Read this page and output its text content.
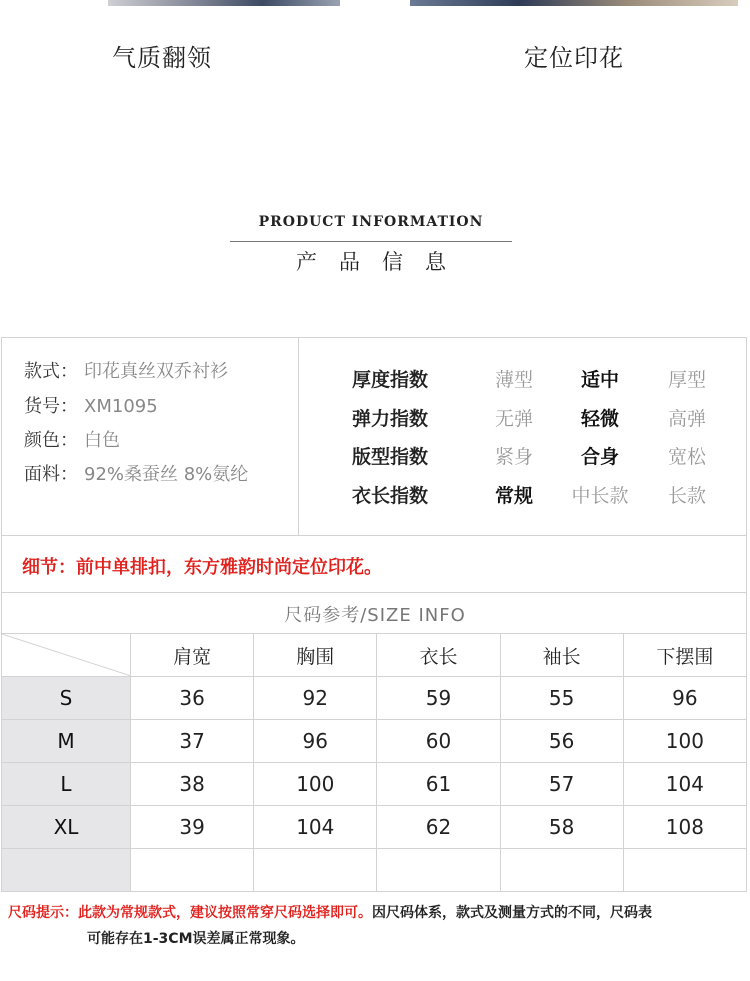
气质翻领	定位印花
PRODUCT INFORMATION
产品信息
款式： 印花真丝双乔衬衫
货号： XM1095
颜色： 白色
面料： 92%桑蚕丝 8%氨纶
厚度指数	薄型	适中	厚型
弹力指数	无弹	轻微	高弹
版型指数	紧身	合身	宽松
衣长指数	常规	中长款	长款
细节：前中单排扣，东方雅韵时尚定位印花。
尺码参考/SIZE INFO
	肩宽	胸围	衣长	袖长	下摆围
S	36	92	59	55	96
M	37	96	60	56	100
L	38	100	61	57	104
XL	39	104	62	58	108

尺码提示：此款为常规款式，建议按照常穿尺码选择即可。因尺码体系，款式及测量方式的不同，尺码表
可能存在1-3CM误差属正常现象。
